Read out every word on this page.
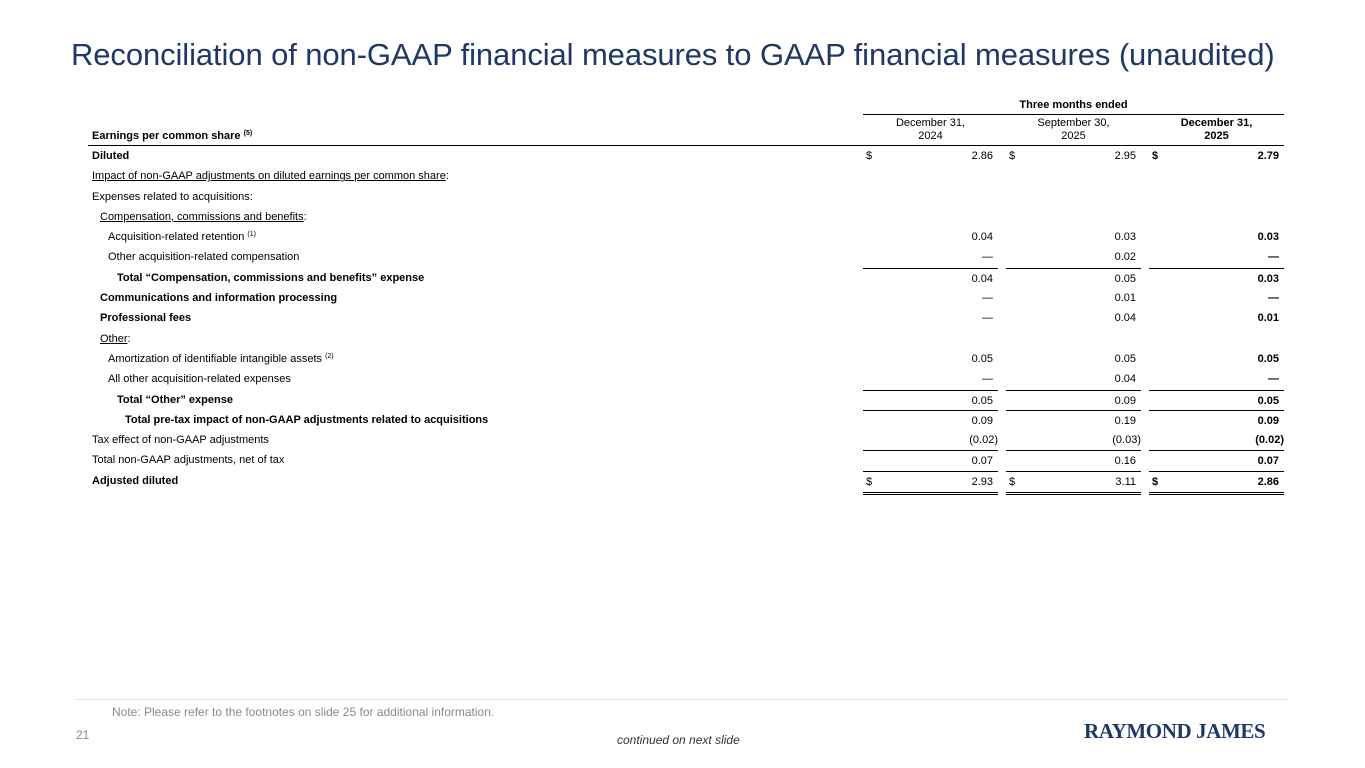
Reconciliation of non-GAAP financial measures to GAAP financial measures (unaudited)
Three months ended
Earnings per common share $^{(5)}$
December 31,
2024
September 30,
2025
December 31,
2025
Diluted	$	2.86 $	2.95 $	2.79
Impact of non-GAAP adjustments on diluted earnings per common share:
Expenses related to acquisitions:
Compensation, commissions and benefits:
Acquisition-related retention $^{(1)}$	0.04	0.03	0.03
Other acquisition-related compensation	—	0.02	—
Total “Compensation, commissions and benefits” expense	0.04	0.05	0.03
Communications and information processing	—	0.01	—
Professional fees	—	0.04	0.01
Other:
Amortization of identifiable intangible assets $^{(2)}$	0.05	0.05	0.05
All other acquisition-related expenses	—	0.04	—
Total “Other” expense	0.05	0.09	0.05
Total pre-tax impact of non-GAAP adjustments related to acquisitions	0.09	0.19	0.09
Tax effect of non-GAAP adjustments	(0.02)	(0.03)	(0.02)
Total non-GAAP adjustments, net of tax	0.07	0.16	0.07
Adjusted diluted	$	2.93 $	3.11 $	2.86
Note: Please refer to the footnotes on slide 25 for additional information.
21	continued on next slide	RAYMOND JAMES
